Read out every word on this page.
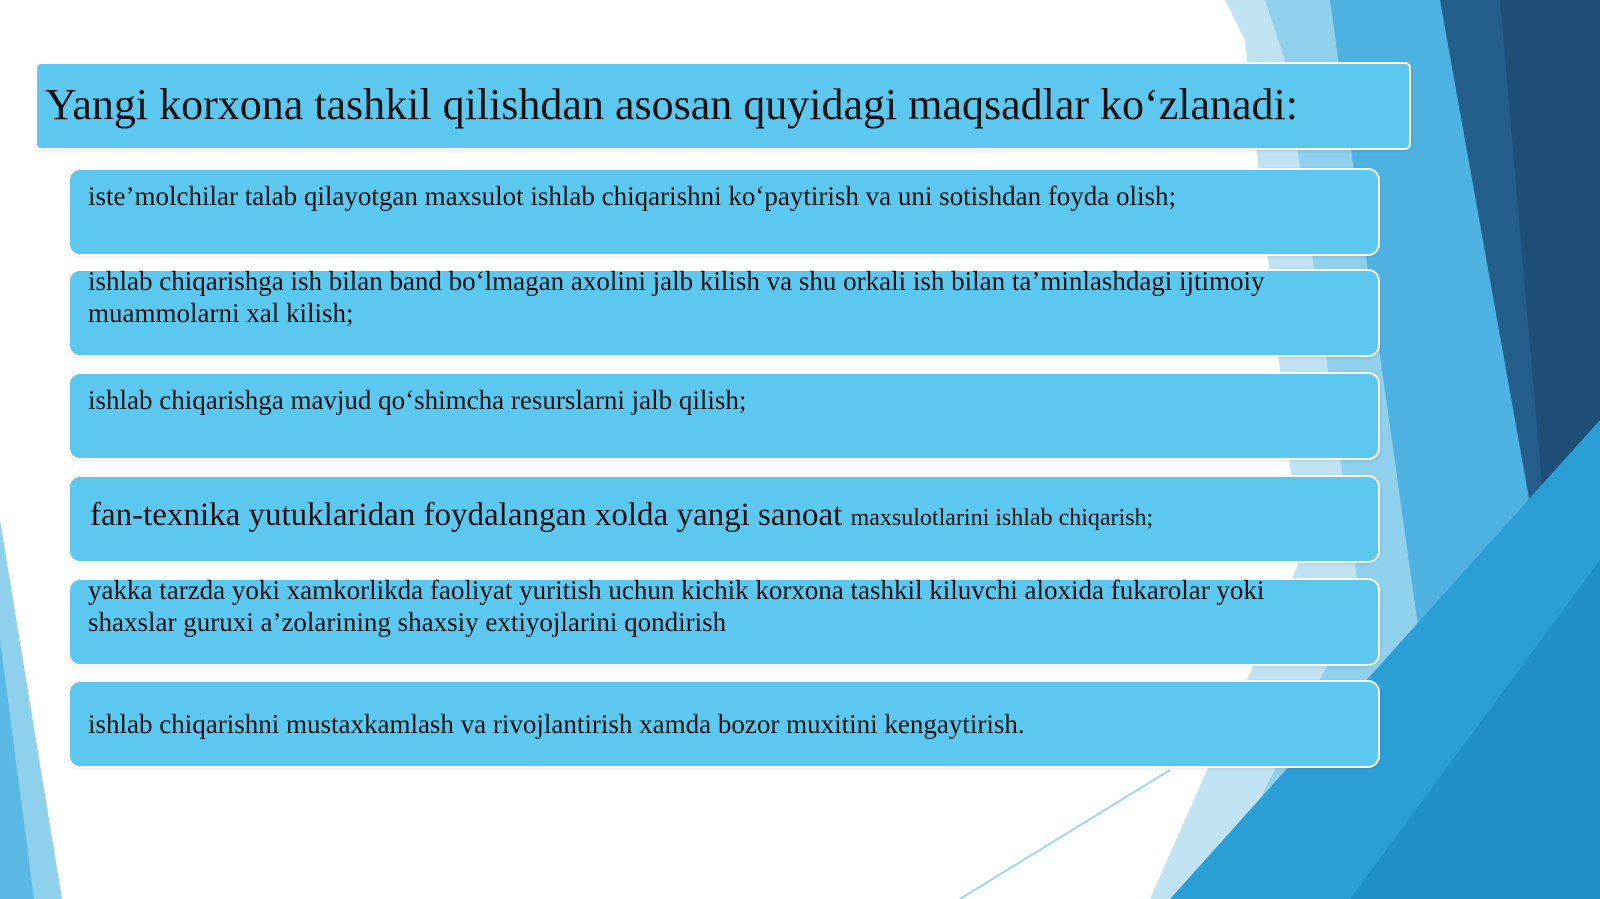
Yangi korxona tashkil qilishdan asosan quyidagi maqsadlar ko‘zlanadi:
iste’molchilar talab qilayotgan maxsulot ishlab chiqarishni ko‘paytirish va uni sotishdan foyda olish;
ishlab chiqarishga ish bilan band bo‘lmagan axolini jalb kilish va shu orkali ish bilan ta’minlashdagi ijtimoiy muammolarni xal kilish;
ishlab chiqarishga mavjud qo‘shimcha resurslarni jalb qilish;
fan-texnika yutuklaridan foydalangan xolda yangi sanoat maxsulotlarini ishlab chiqarish;
yakka tarzda yoki xamkorlikda faoliyat yuritish uchun kichik korxona tashkil kiluvchi aloxida fukarolar yoki shaxslar guruxi a’zolarining shaxsiy extiyojlarini qondirish
ishlab chiqarishni mustaxkamlash va rivojlantirish xamda bozor muxitini kengaytirish.
